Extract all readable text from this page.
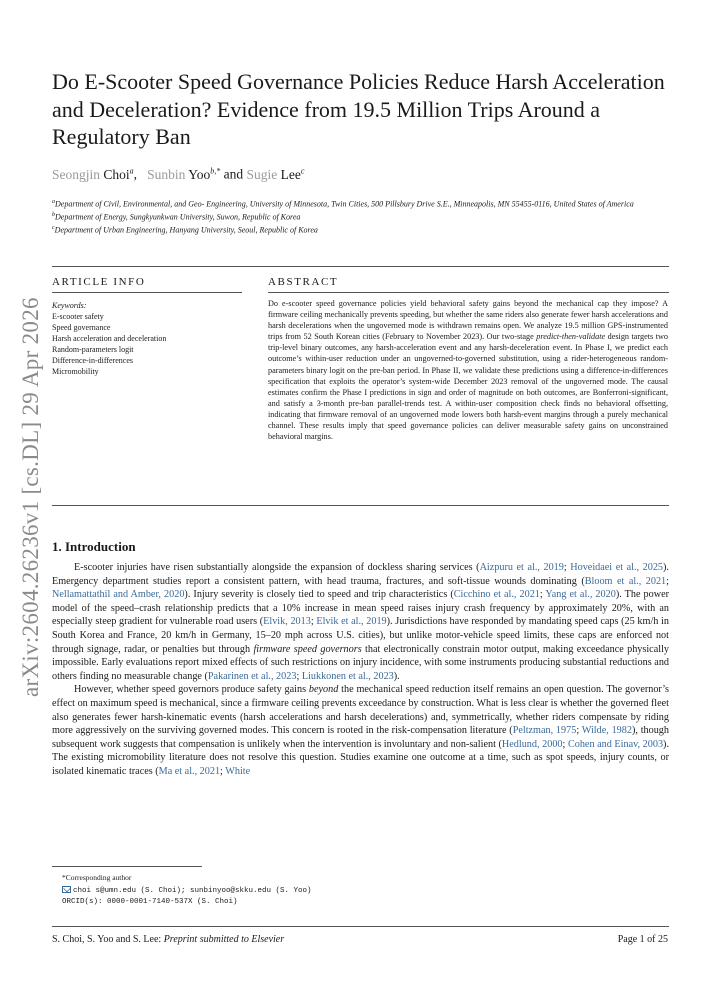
arXiv:2604.26236v1 [cs.DL] 29 Apr 2026
Do E-Scooter Speed Governance Policies Reduce Harsh Acceleration and Deceleration? Evidence from 19.5 Million Trips Around a Regulatory Ban
Seongjin Choi$^a$,   Sunbin Yoo$^{b,*}$ and Sugie Lee$^c$
$^a$Department of Civil, Environmental, and Geo- Engineering, University of Minnesota, Twin Cities, 500 Pillsbury Drive S.E., Minneapolis, MN 55455-0116, United States of America
$^b$Department of Energy, Sungkyunkwan University, Suwon, Republic of Korea
$^c$Department of Urban Engineering, Hanyang University, Seoul, Republic of Korea
ARTICLE INFO
Keywords:
E-scooter safety
Speed governance
Harsh acceleration and deceleration
Random-parameters logit
Difference-in-differences
Micromobility
ABSTRACT

Do e-scooter speed governance policies yield behavioral safety gains beyond the mechanical cap they impose? A firmware ceiling mechanically prevents speeding, but whether the same riders also generate fewer harsh accelerations and harsh decelerations when the ungoverned mode is withdrawn remains open. We analyze 19.5 million GPS-instrumented trips from 52 South Korean cities (February to November 2023). Our two-stage predict-then-validate design targets two trip-level binary outcomes, any harsh-acceleration event and any harsh-deceleration event. In Phase I, we predict each outcome’s within-user reduction under an ungoverned-to-governed substitution, using a rider-heterogeneous random-parameters binary logit on the pre-ban period. In Phase II, we validate these predictions using a difference-in-differences specification that exploits the operator’s system-wide December 2023 removal of the ungoverned mode. The causal estimates confirm the Phase I predictions in sign and order of magnitude on both outcomes, are Bonferroni-significant, and satisfy a 3-month pre-ban parallel-trends test. A within-user composition check finds no behavioral offsetting, indicating that firmware removal of an ungoverned mode lowers both harsh-event margins through a purely mechanical channel. These results imply that speed governance policies can deliver measurable safety gains on unconstrained behavioral margins.

1. Introduction

E-scooter injuries have risen substantially alongside the expansion of dockless sharing services (Aizpuru et al., 2019; Hoveidaei et al., 2025). Emergency department studies report a consistent pattern, with head trauma, fractures, and soft-tissue wounds dominating (Bloom et al., 2021; Nellamattathil and Amber, 2020). Injury severity is closely tied to speed and trip characteristics (Cicchino et al., 2021; Yang et al., 2020). The power model of the speed–crash relationship predicts that a 10% increase in mean speed raises injury crash frequency by approximately 20%, with an especially steep gradient for vulnerable road users (Elvik, 2013; Elvik et al., 2019). Jurisdictions have responded by mandating speed caps (25 km/h in South Korea and France, 20 km/h in Germany, 15–20 mph across U.S. cities), but unlike motor-vehicle speed limits, these caps are enforced not through signage, radar, or penalties but through firmware speed governors that electronically constrain motor output, making exceedance physically impossible. Early evaluations report mixed effects of such restrictions on injury incidence, with some instruments producing substantial reductions and others finding no measurable change (Pakarinen et al., 2023; Liukkonen et al., 2023).

However, whether speed governors produce safety gains beyond the mechanical speed reduction itself remains an open question. The governor’s effect on maximum speed is mechanical, since a firmware ceiling prevents exceedance by construction. What is less clear is whether the governed fleet also generates fewer harsh-kinematic events (harsh accelerations and harsh decelerations) and, symmetrically, whether riders compensate by riding more aggressively on the surviving governed modes. This concern is rooted in the risk-compensation literature (Peltzman, 1975; Wilde, 1982), though subsequent work suggests that compensation is unlikely when the intervention is involuntary and non-salient (Hedlund, 2000; Cohen and Einav, 2003). The existing micromobility literature does not resolve this question. Studies examine one outcome at a time, such as spot speeds, injury counts, or isolated kinematic traces (Ma et al., 2021; White

*Corresponding author
choi s@umn.edu (S. Choi); sunbinyoo@skku.edu (S. Yoo)
ORCID(s): 0000-0001-7140-537X (S. Choi)
S. Choi, S. Yoo and S. Lee: Preprint submitted to Elsevier	Page 1 of 25
